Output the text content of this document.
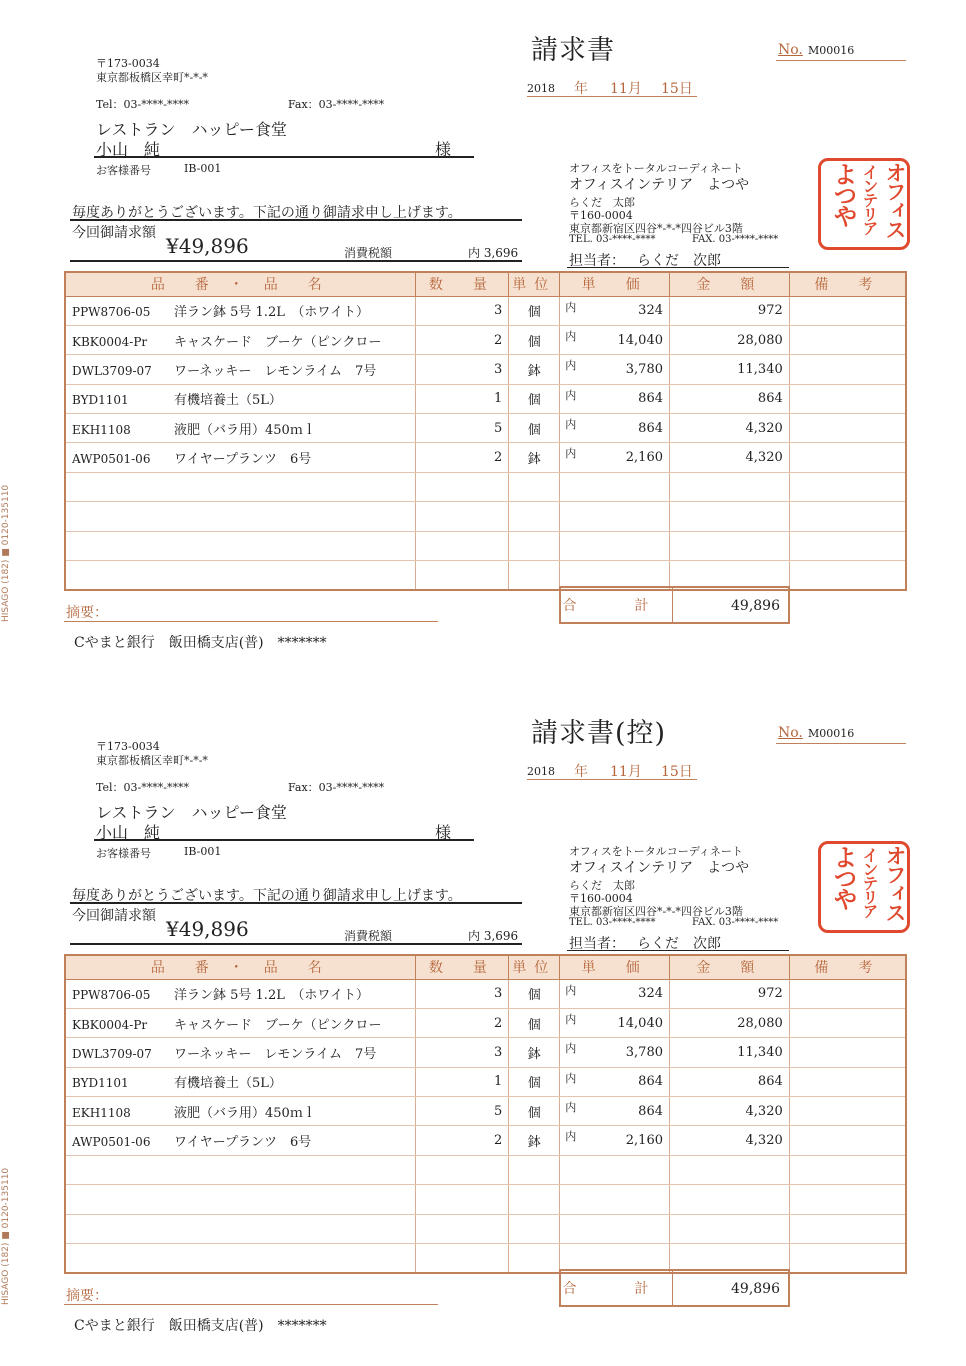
HISAGO (182) ■ 0120-135110
請求書	No. M00016
2018 年 11月 15日
〒173-0034
東京都板橋区幸町*-*-*
Tel：03-****-****	Fax：03-****-****
レストラン　ハッピー食堂
小山　純	様
お客様番号	IB-001
毎度ありがとうございます。下記の通り御請求申し上げます。
今回御請求額
¥49,896	消費税額	内 3,696
オフィスをトータルコーディネート
オフィスインテリア　よつや
らくだ　太郎
〒160-0004
東京都新宿区四谷*-*-*四谷ビル3階
TEL. 03-****-****	FAX. 03-****-****
担当者： らくだ　次郎
オフィス
インテリア
よつや
品　番 ・ 品　名	数　量	単位	単　価	金　額	備　考
PPW8706-05 洋ラン鉢 5号 1.2L　（ホワイト）	3	個	内 324	972	
KBK0004-Pr キャスケード　ブーケ（ピンクロー	2	個	内 14,040	28,080	
DWL3709-07 ワーネッキー　レモンライム　7号	3	鉢	内 3,780	11,340	
BYD1101 有機培養土（5L）	1	個	内 864	864	
EKH1108 液肥（バラ用）450ｍｌ	5	個	内 864	4,320	
AWP0501-06 ワイヤープランツ　6号	2	鉢	内 2,160	4,320	

合　計	49,896
摘要：
Cやまと銀行　飯田橋支店(普)　*******
HISAGO (182) ■ 0120-135110
請求書(控)	No. M00016
2018 年 11月 15日
〒173-0034
東京都板橋区幸町*-*-*
Tel：03-****-****	Fax：03-****-****
レストラン　ハッピー食堂
小山　純	様
お客様番号	IB-001
毎度ありがとうございます。下記の通り御請求申し上げます。
今回御請求額
¥49,896	消費税額	内 3,696
オフィスをトータルコーディネート
オフィスインテリア　よつや
らくだ　太郎
〒160-0004
東京都新宿区四谷*-*-*四谷ビル3階
TEL. 03-****-****	FAX. 03-****-****
担当者： らくだ　次郎
オフィス
インテリア
よつや
品　番 ・ 品　名	数　量	単位	単　価	金　額	備　考
PPW8706-05 洋ラン鉢 5号 1.2L　（ホワイト）	3	個	内 324	972	
KBK0004-Pr キャスケード　ブーケ（ピンクロー	2	個	内 14,040	28,080	
DWL3709-07 ワーネッキー　レモンライム　7号	3	鉢	内 3,780	11,340	
BYD1101 有機培養土（5L）	1	個	内 864	864	
EKH1108 液肥（バラ用）450ｍｌ	5	個	内 864	4,320	
AWP0501-06 ワイヤープランツ　6号	2	鉢	内 2,160	4,320	

合　計	49,896
摘要：
Cやまと銀行　飯田橋支店(普)　*******
